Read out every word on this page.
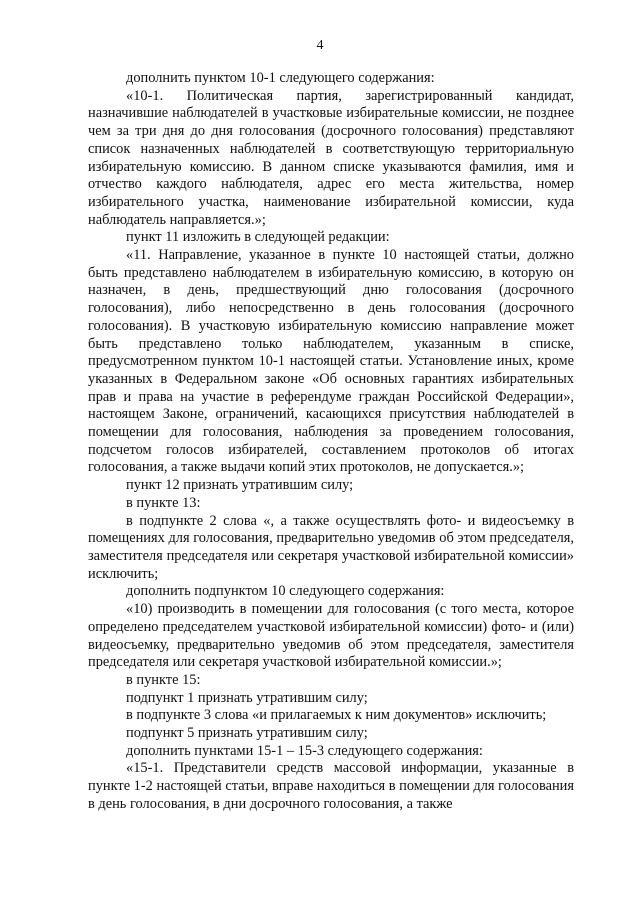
4

дополнить пунктом 10-1 следующего содержания:

«10-1. Политическая партия, зарегистрированный кандидат, назначившие наблюдателей в участковые избирательные комиссии, не позднее чем за три дня до дня голосования (досрочного голосования) представляют список назначенных наблюдателей в соответствующую территориальную избирательную комиссию. В данном списке указываются фамилия, имя и отчество каждого наблюдателя, адрес его места жительства, номер избирательного участка, наименование избирательной комиссии, куда наблюдатель направляется.»;

пункт 11 изложить в следующей редакции:

«11. Направление, указанное в пункте 10 настоящей статьи, должно быть представлено наблюдателем в избирательную комиссию, в которую он назначен, в день, предшествующий дню голосования (досрочного голосования), либо непосредственно в день голосования (досрочного голосования). В участковую избирательную комиссию направление может быть представлено только наблюдателем, указанным в списке, предусмотренном пунктом 10-1 настоящей статьи. Установление иных, кроме указанных в Федеральном законе «Об основных гарантиях избирательных прав и права на участие в референдуме граждан Российской Федерации», настоящем Законе, ограничений, касающихся присутствия наблюдателей в помещении для голосования, наблюдения за проведением голосования, подсчетом голосов избирателей, составлением протоколов об итогах голосования, а также выдачи копий этих протоколов, не допускается.»;

пункт 12 признать утратившим силу;

в пункте 13:

в подпункте 2 слова «, а также осуществлять фото- и видеосъемку в помещениях для голосования, предварительно уведомив об этом председателя, заместителя председателя или секретаря участковой избирательной комиссии» исключить;

дополнить подпунктом 10 следующего содержания:

«10) производить в помещении для голосования (с того места, которое определено председателем участковой избирательной комиссии) фото- и (или) видеосъемку, предварительно уведомив об этом председателя, заместителя председателя или секретаря участковой избирательной комиссии.»;

в пункте 15:

подпункт 1 признать утратившим силу;

в подпункте 3 слова «и прилагаемых к ним документов» исключить;

подпункт 5 признать утратившим силу;

дополнить пунктами 15-1 – 15-3 следующего содержания:

«15-1. Представители средств массовой информации, указанные в пункте 1-2 настоящей статьи, вправе находиться в помещении для голосования в день голосования, в дни досрочного голосования, а также
